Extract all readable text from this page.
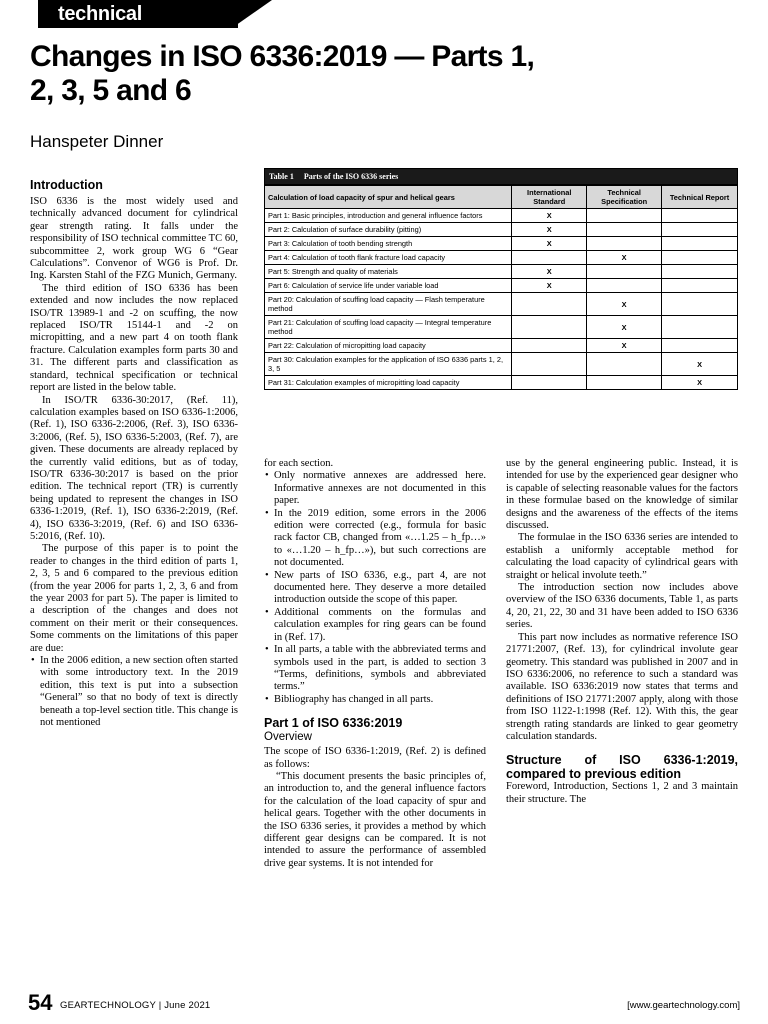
technical
Changes in ISO 6336:2019 — Parts 1, 2, 3, 5 and 6
Hanspeter Dinner
Table 1 Parts of the ISO 6336 series
Calculation of load capacity of spur and helical gears	International Standard	Technical Specification	Technical Report
Part 1: Basic principles, introduction and general influence factors	X		
Part 2: Calculation of surface durability (pitting)	X		
Part 3: Calculation of tooth bending strength	X		
Part 4: Calculation of tooth flank fracture load capacity		X	
Part 5: Strength and quality of materials	X		
Part 6: Calculation of service life under variable load	X		
Part 20: Calculation of scuffing load capacity — Flash temperature method		X	
Part 21: Calculation of scuffing load capacity — Integral temperature method		X	
Part 22: Calculation of micropitting load capacity		X	
Part 30: Calculation examples for the application of ISO 6336 parts 1, 2, 3, 5			X
Part 31: Calculation examples of micropitting load capacity			X
Introduction

ISO 6336 is the most widely used and technically advanced document for cylindrical gear strength rating. It falls under the responsibility of ISO technical committee TC 60, subcommittee 2, work group WG 6 “Gear Calculations”. Convenor of WG6 is Prof. Dr. Ing. Karsten Stahl of the FZG Munich, Germany.

The third edition of ISO 6336 has been extended and now includes the now replaced ISO/TR 13989-1 and -2 on scuffing, the now replaced ISO/TR 15144-1 and -2 on micropitting, and a new part 4 on tooth flank fracture. Calculation examples form parts 30 and 31. The different parts and classification as standard, technical specification or technical report are listed in the below table.

In ISO/TR 6336-30:2017, (Ref. 11), calculation examples based on ISO 6336-1:2006, (Ref. 1), ISO 6336-2:2006, (Ref. 3), ISO 6336-3:2006, (Ref. 5), ISO 6336-5:2003, (Ref. 7), are given. These documents are already replaced by the currently valid editions, but as of today, ISO/TR 6336-30:2017 is based on the prior edition. The technical report (TR) is currently being updated to represent the changes in ISO 6336-1:2019, (Ref. 1), ISO 6336-2:2019, (Ref. 4), ISO 6336-3:2019, (Ref. 6) and ISO 6336-5:2016, (Ref. 10).

The purpose of this paper is to point the reader to changes in the third edition of parts 1, 2, 3, 5 and 6 compared to the previous edition (from the year 2006 for parts 1, 2, 3, 6 and from the year 2003 for part 5). The paper is limited to a description of the changes and does not comment on their merit or their consequences. Some comments on the limitations of this paper are due:

• In the 2006 edition, a new section often started with some introductory text. In the 2019 edition, this text is put into a subsection “General” so that no body of text is directly beneath a top-level section title. This change is not mentioned

for each section.

• Only normative annexes are addressed here. Informative annexes are not documented in this paper.
• In the 2019 edition, some errors in the 2006 edition were corrected (e.g., formula for basic rack factor CB, changed from «…1.25 – h_fp…» to «…1.20 – h_fp…»), but such corrections are not documented.
• New parts of ISO 6336, e.g., part 4, are not documented here. They deserve a more detailed introduction outside the scope of this paper.
• Additional comments on the formulas and calculation examples for ring gears can be found in (Ref. 17).
• In all parts, a table with the abbreviated terms and symbols used in the part, is added to section 3 “Terms, definitions, symbols and abbreviated terms.”
• Bibliography has changed in all parts.
Part 1 of ISO 6336:2019
Overview

The scope of ISO 6336-1:2019, (Ref. 2) is defined as follows:

“This document presents the basic principles of, an introduction to, and the general influence factors for the calculation of the load capacity of spur and helical gears. Together with the other documents in the ISO 6336 series, it provides a method by which different gear designs can be compared. It is not intended to assure the performance of assembled drive gear systems. It is not intended for

use by the general engineering public. Instead, it is intended for use by the experienced gear designer who is capable of selecting reasonable values for the factors in these formulae based on the knowledge of similar designs and the awareness of the effects of the items discussed.

The formulae in the ISO 6336 series are intended to establish a uniformly acceptable method for calculating the load capacity of cylindrical gears with straight or helical involute teeth.”

The introduction section now includes above overview of the ISO 6336 documents, Table 1, as parts 4, 20, 21, 22, 30 and 31 have been added to ISO 6336 series.

This part now includes as normative reference ISO 21771:2007, (Ref. 13), for cylindrical involute gear geometry. This standard was published in 2007 and in ISO 6336:2006, no reference to such a standard was available. ISO 6336:2019 now states that terms and definitions of ISO 21771:2007 apply, along with those from ISO 1122-1:1998 (Ref. 12). With this, the gear strength rating standards are linked to gear geometry calculation standards.

Structure of ISO 6336-1:2019, compared to previous edition

Foreword, Introduction, Sections 1, 2 and 3 maintain their structure. The

54 GEARTECHNOLOGY | June 2021	[www.geartechnology.com]
